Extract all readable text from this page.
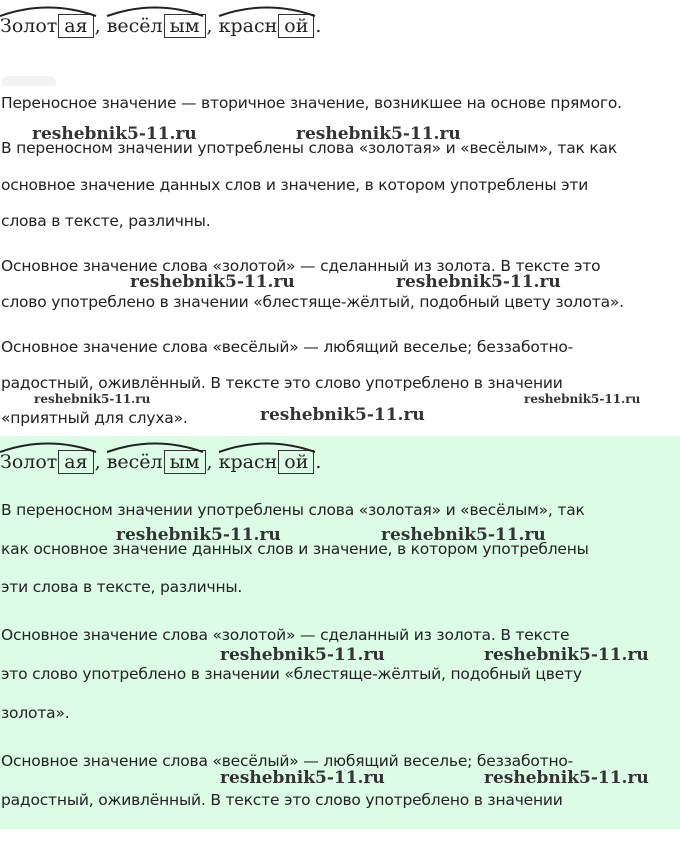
Золот ая , весёл ым , красн ой .
Переносное значение — вторичное значение, возникшее на основе прямого.
В переносном значении употреблены слова «золотая» и «весёлым», так как
основное значение данных слов и значение, в котором употреблены эти
слова в тексте, различны.
Основное значение слова «золотой» — сделанный из золота. В тексте это
слово употреблено в значении «блестяще-жёлтый, подобный цвету золота».
Основное значение слова «весёлый» — любящий веселье; беззаботно-
радостный, оживлённый. В тексте это слово употреблено в значении
«приятный для слуха».
Золот ая , весёл ым , красн ой .
В переносном значении употреблены слова «золотая» и «весёлым», так
как основное значение данных слов и значение, в котором употреблены
эти слова в тексте, различны.
Основное значение слова «золотой» — сделанный из золота. В тексте
это слово употреблено в значении «блестяще-жёлтый, подобный цвету
золота».
Основное значение слова «весёлый» — любящий веселье; беззаботно-
радостный, оживлённый. В тексте это слово употреблено в значении
reshebnik5-11.ru	reshebnik5-11.ru
reshebnik5-11.ru	reshebnik5-11.ru
reshebnik5-11.ru	reshebnik5-11.ru
reshebnik5-11.ru
reshebnik5-11.ru	reshebnik5-11.ru
reshebnik5-11.ru	reshebnik5-11.ru
reshebnik5-11.ru	reshebnik5-11.ru
